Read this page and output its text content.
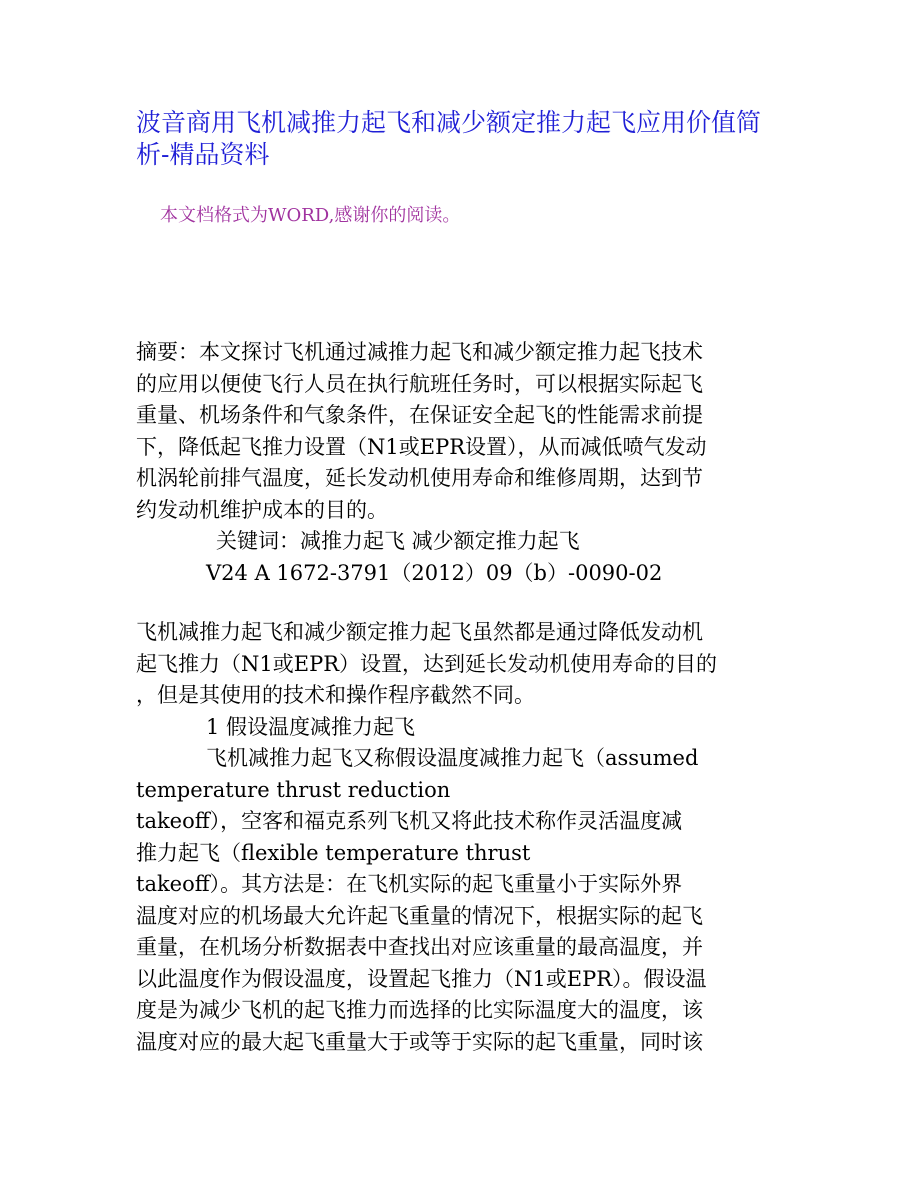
波音商用飞机减推力起飞和减少额定推力起飞应用价值简
析-精品资料

本文档格式为WORD,感谢你的阅读。

摘要：本文探讨飞机通过减推力起飞和减少额定推力起飞技术
的应用以便使飞行人员在执行航班任务时，可以根据实际起飞
重量、机场条件和气象条件，在保证安全起飞的性能需求前提
下，降低起飞推力设置（N1或EPR设置），从而减低喷气发动
机涡轮前排气温度，延长发动机使用寿命和维修周期，达到节
约发动机维护成本的目的。
关键词：减推力起飞 减少额定推力起飞
V24 A 1672-3791（2012）09（b）-0090-02
飞机减推力起飞和减少额定推力起飞虽然都是通过降低发动机
起飞推力（N1或EPR）设置，达到延长发动机使用寿命的目的
，但是其使用的技术和操作程序截然不同。
1 假设温度减推力起飞
飞机减推力起飞又称假设温度减推力起飞（assumed
temperature thrust reduction
takeoff），空客和福克系列飞机又将此技术称作灵活温度减
推力起飞（flexible temperature thrust
takeoff）。其方法是：在飞机实际的起飞重量小于实际外界
温度对应的机场最大允许起飞重量的情况下，根据实际的起飞
重量，在机场分析数据表中查找出对应该重量的最高温度，并
以此温度作为假设温度，设置起飞推力（N1或EPR）。假设温
度是为减少飞机的起飞推力而选择的比实际温度大的温度，该
温度对应的最大起飞重量大于或等于实际的起飞重量，同时该
